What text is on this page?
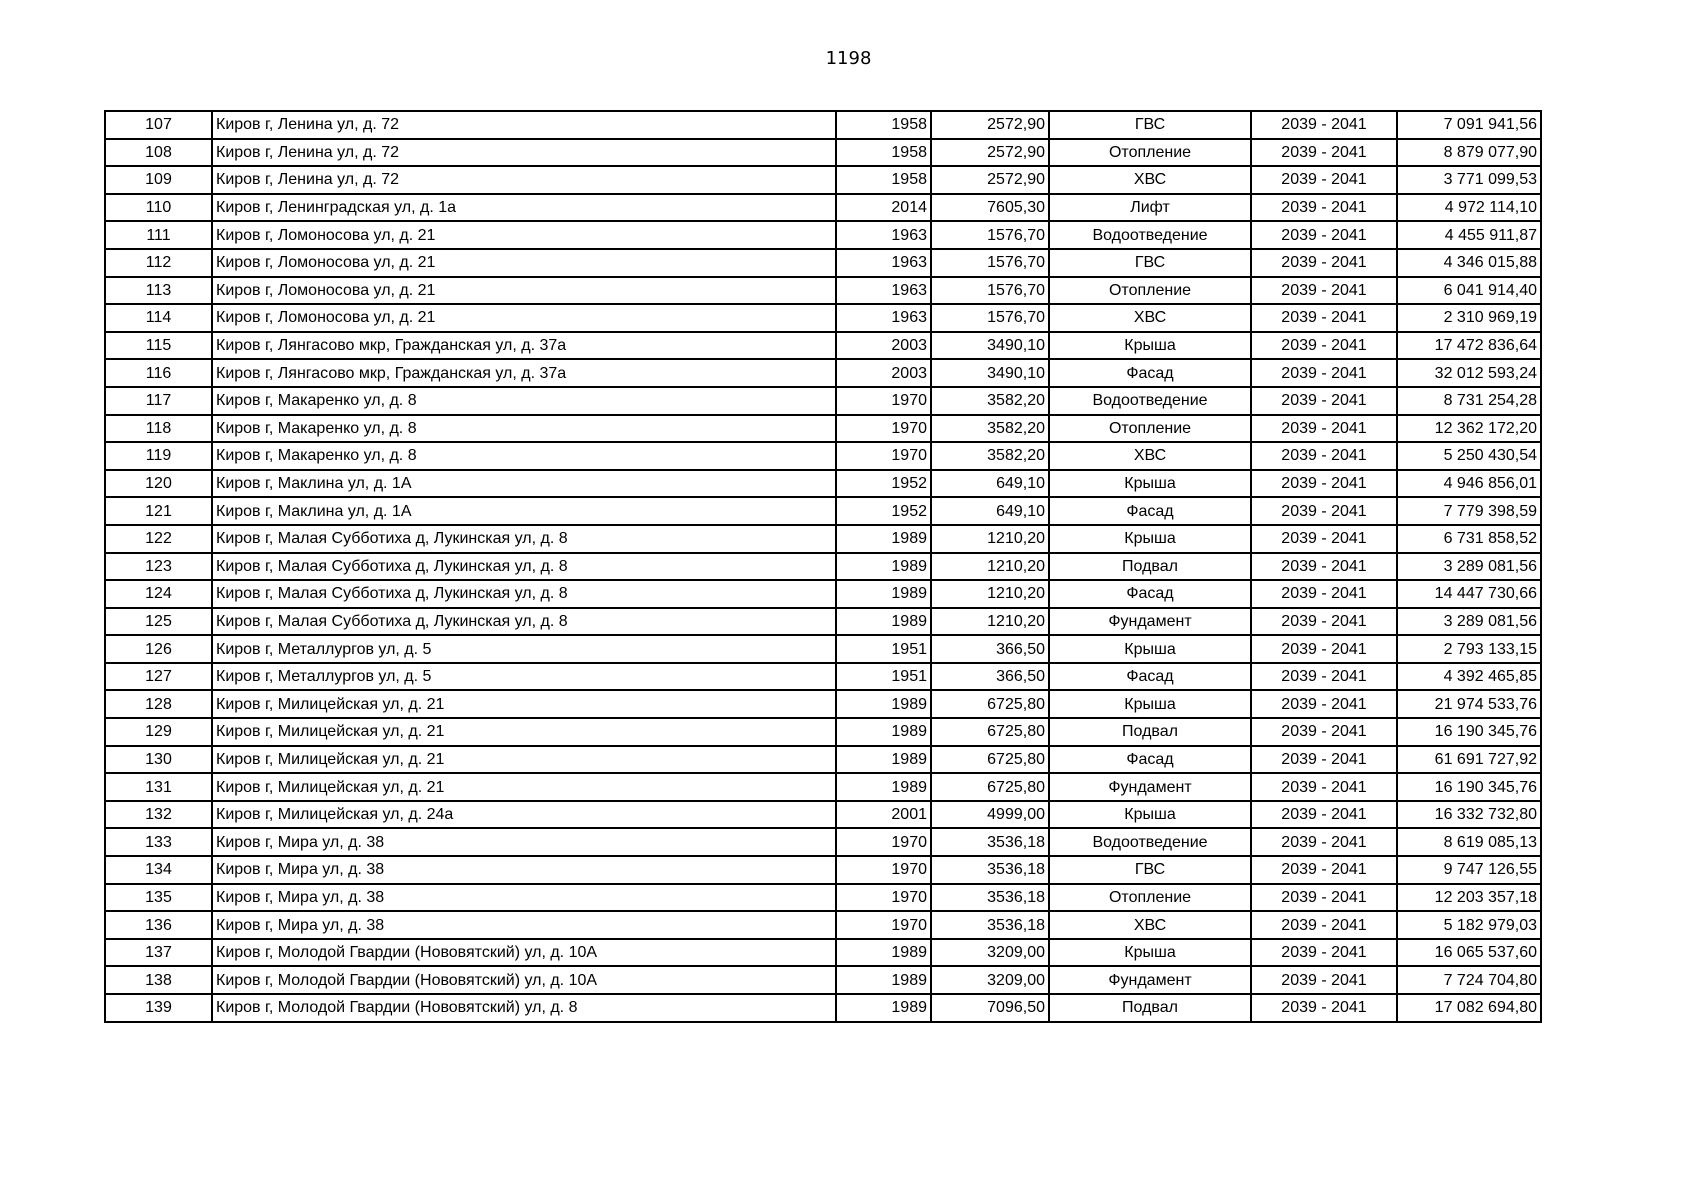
1198
107	Киров г, Ленина ул, д. 72	1958	2572,90	ГВС	2039 - 2041	7 091 941,56
108	Киров г, Ленина ул, д. 72	1958	2572,90	Отопление	2039 - 2041	8 879 077,90
109	Киров г, Ленина ул, д. 72	1958	2572,90	ХВС	2039 - 2041	3 771 099,53
110	Киров г, Ленинградская ул, д. 1а	2014	7605,30	Лифт	2039 - 2041	4 972 114,10
111	Киров г, Ломоносова ул, д. 21	1963	1576,70	Водоотведение	2039 - 2041	4 455 911,87
112	Киров г, Ломоносова ул, д. 21	1963	1576,70	ГВС	2039 - 2041	4 346 015,88
113	Киров г, Ломоносова ул, д. 21	1963	1576,70	Отопление	2039 - 2041	6 041 914,40
114	Киров г, Ломоносова ул, д. 21	1963	1576,70	ХВС	2039 - 2041	2 310 969,19
115	Киров г, Лянгасово мкр, Гражданская ул, д. 37а	2003	3490,10	Крыша	2039 - 2041	17 472 836,64
116	Киров г, Лянгасово мкр, Гражданская ул, д. 37а	2003	3490,10	Фасад	2039 - 2041	32 012 593,24
117	Киров г, Макаренко ул, д. 8	1970	3582,20	Водоотведение	2039 - 2041	8 731 254,28
118	Киров г, Макаренко ул, д. 8	1970	3582,20	Отопление	2039 - 2041	12 362 172,20
119	Киров г, Макаренко ул, д. 8	1970	3582,20	ХВС	2039 - 2041	5 250 430,54
120	Киров г, Маклина ул, д. 1А	1952	649,10	Крыша	2039 - 2041	4 946 856,01
121	Киров г, Маклина ул, д. 1А	1952	649,10	Фасад	2039 - 2041	7 779 398,59
122	Киров г, Малая Субботиха д, Лукинская ул, д. 8	1989	1210,20	Крыша	2039 - 2041	6 731 858,52
123	Киров г, Малая Субботиха д, Лукинская ул, д. 8	1989	1210,20	Подвал	2039 - 2041	3 289 081,56
124	Киров г, Малая Субботиха д, Лукинская ул, д. 8	1989	1210,20	Фасад	2039 - 2041	14 447 730,66
125	Киров г, Малая Субботиха д, Лукинская ул, д. 8	1989	1210,20	Фундамент	2039 - 2041	3 289 081,56
126	Киров г, Металлургов ул, д. 5	1951	366,50	Крыша	2039 - 2041	2 793 133,15
127	Киров г, Металлургов ул, д. 5	1951	366,50	Фасад	2039 - 2041	4 392 465,85
128	Киров г, Милицейская ул, д. 21	1989	6725,80	Крыша	2039 - 2041	21 974 533,76
129	Киров г, Милицейская ул, д. 21	1989	6725,80	Подвал	2039 - 2041	16 190 345,76
130	Киров г, Милицейская ул, д. 21	1989	6725,80	Фасад	2039 - 2041	61 691 727,92
131	Киров г, Милицейская ул, д. 21	1989	6725,80	Фундамент	2039 - 2041	16 190 345,76
132	Киров г, Милицейская ул, д. 24а	2001	4999,00	Крыша	2039 - 2041	16 332 732,80
133	Киров г, Мира ул, д. 38	1970	3536,18	Водоотведение	2039 - 2041	8 619 085,13
134	Киров г, Мира ул, д. 38	1970	3536,18	ГВС	2039 - 2041	9 747 126,55
135	Киров г, Мира ул, д. 38	1970	3536,18	Отопление	2039 - 2041	12 203 357,18
136	Киров г, Мира ул, д. 38	1970	3536,18	ХВС	2039 - 2041	5 182 979,03
137	Киров г, Молодой Гвардии (Нововятский) ул, д. 10А	1989	3209,00	Крыша	2039 - 2041	16 065 537,60
138	Киров г, Молодой Гвардии (Нововятский) ул, д. 10А	1989	3209,00	Фундамент	2039 - 2041	7 724 704,80
139	Киров г, Молодой Гвардии (Нововятский) ул, д. 8	1989	7096,50	Подвал	2039 - 2041	17 082 694,80
